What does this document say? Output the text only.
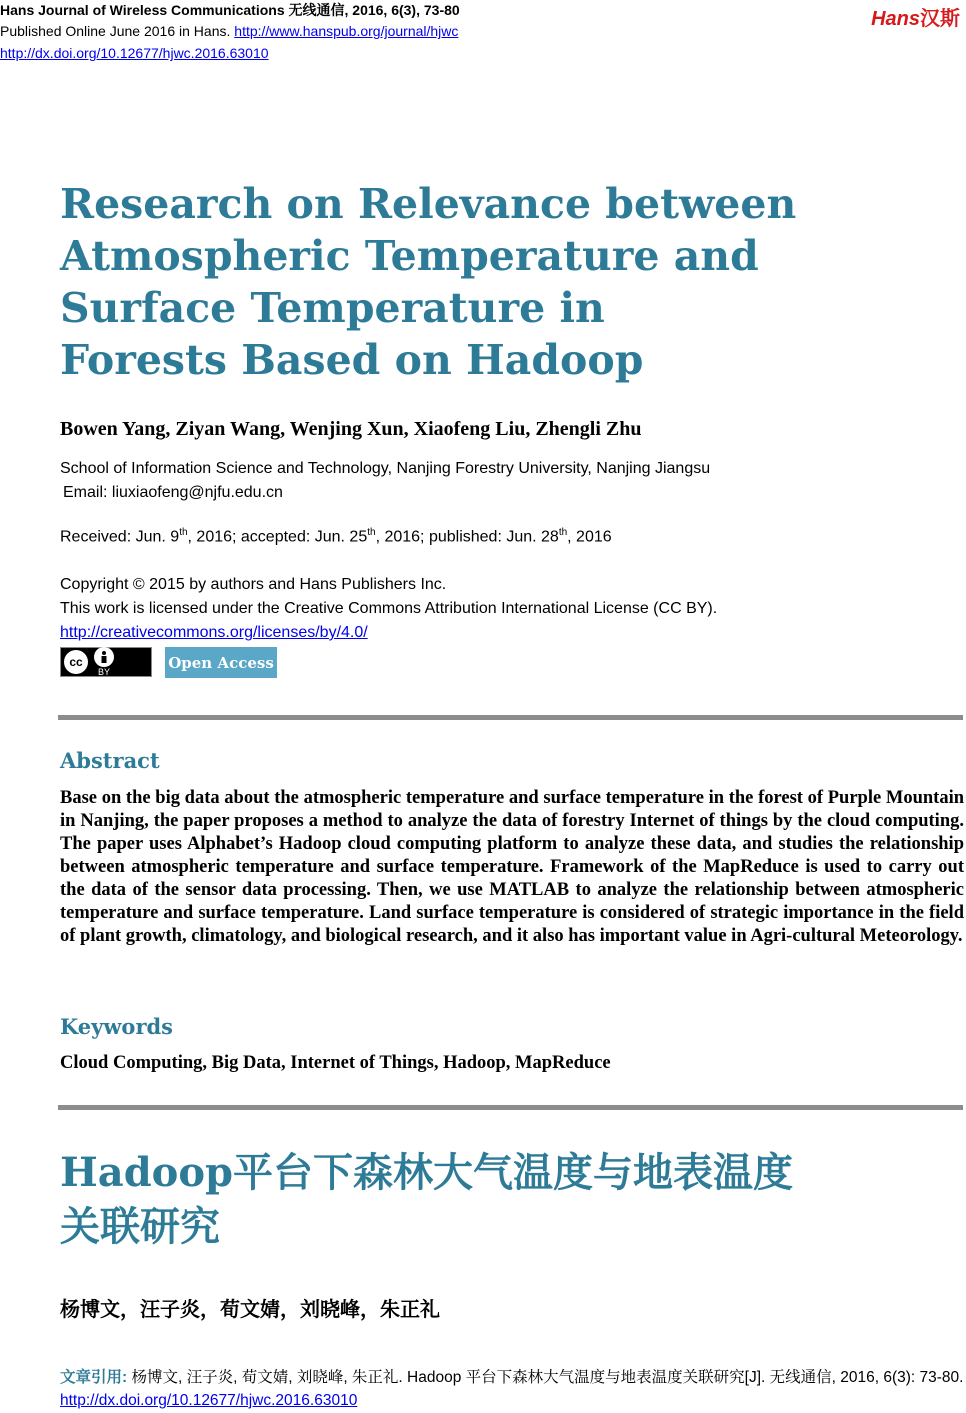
Hans Journal of Wireless Communications 无线通信, 2016, 6(3), 73-80
Published Online June 2016 in Hans. http://www.hanspub.org/journal/hjwc
http://dx.doi.org/10.12677/hjwc.2016.63010
Hans汉斯
Research on Relevance between
Atmospheric Temperature and
Surface Temperature in
Forests Based on Hadoop
Bowen Yang, Ziyan Wang, Wenjing Xun, Xiaofeng Liu, Zhengli Zhu
School of Information Science and Technology, Nanjing Forestry University, Nanjing Jiangsu
Email: liuxiaofeng@njfu.edu.cn
Received: Jun. 9th, 2016; accepted: Jun. 25th, 2016; published: Jun. 28th, 2016
Copyright © 2015 by authors and Hans Publishers Inc.
This work is licensed under the Creative Commons Attribution International License (CC BY).
http://creativecommons.org/licenses/by/4.0/
cc
BY
Open Access
Abstract
Base on the big data about the atmospheric temperature and surface temperature in the forest of Purple Mountain in Nanjing, the paper proposes a method to analyze the data of forestry Internet of things by the cloud computing. The paper uses Alphabet’s Hadoop cloud computing platform to analyze these data, and studies the relationship between atmospheric temperature and surface temperature. Framework of the MapReduce is used to carry out the data of the sensor data processing. Then, we use MATLAB to analyze the relationship between atmospheric temperature and surface temperature. Land surface temperature is considered of strategic importance in the field of plant growth, climatology, and biological research, and it also has important value in Agri-cultural Meteorology.
Keywords
Cloud Computing, Big Data, Internet of Things, Hadoop, MapReduce
Hadoop平台下森林大气温度与地表温度
关联研究
杨博文，汪子炎，荀文婧，刘晓峰，朱正礼
文章引用: 杨博文, 汪子炎, 荀文婧, 刘晓峰, 朱正礼. Hadoop 平台下森林大气温度与地表温度关联研究[J]. 无线通信, 2016, 6(3): 73-80. http://dx.doi.org/10.12677/hjwc.2016.63010
